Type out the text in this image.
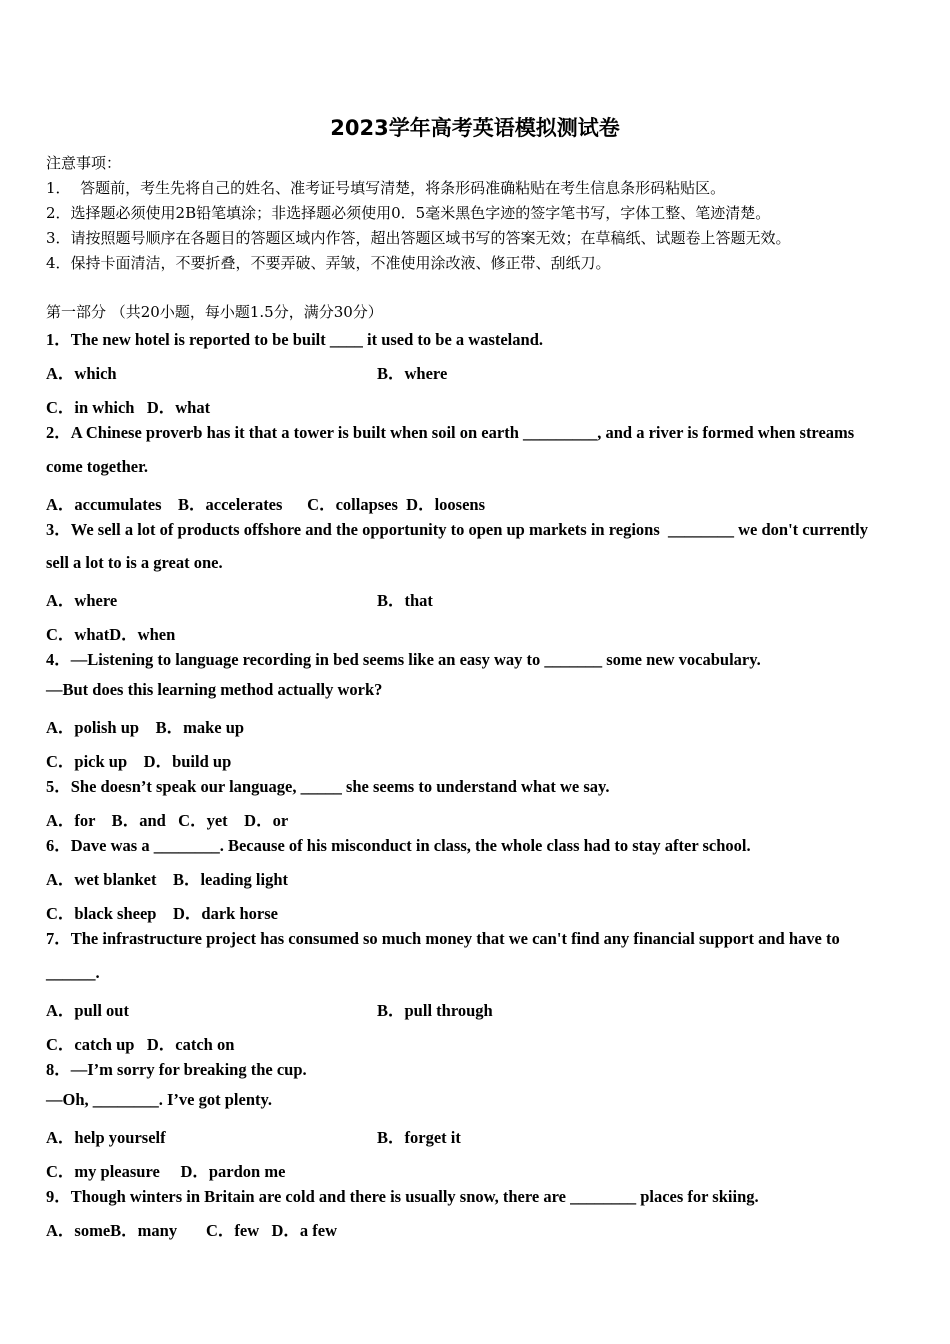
2023学年高考英语模拟测试卷
注意事项：
1．  答题前，考生先将自己的姓名、准考证号填写清楚，将条形码准确粘贴在考生信息条形码粘贴区。
2．选择题必须使用2B铅笔填涂；非选择题必须使用0．5毫米黑色字迹的签字笔书写，字体工整、笔迹清楚。
3．请按照题号顺序在各题目的答题区域内作答，超出答题区域书写的答案无效；在草稿纸、试题卷上答题无效。
4．保持卡面清洁，不要折叠，不要弄破、弄皱，不准使用涂改液、修正带、刮纸刀。
第一部分 （共20小题，每小题1.5分，满分30分）
1．The new hotel is reported to be built ____ it used to be a wasteland.
A．which	B．where
C．in which   D．what
2．A Chinese proverb has it that a tower is built when soil on earth _________, and a river is formed when streams
come together.
A．accumulates    B．accelerates      C．collapses  D．loosens
3．We sell a lot of products offshore and the opportunity to open up markets in regions  ________ we don't currently
sell a lot to is a great one.
A．where	B．that
C．whatD．when
4．—Listening to language recording in bed seems like an easy way to _______ some new vocabulary.
—But does this learning method actually work?
A．polish up    B．make up
C．pick up    D．build up
5．She doesn’t speak our language, _____ she seems to understand what we say.
A．for    B．and   C．yet    D．or
6．Dave was a ________. Because of his misconduct in class, the whole class had to stay after school.
A．wet blanket    B．leading light
C．black sheep    D．dark horse
7．The infrastructure project has consumed so much money that we can't find any financial support and have to
______.
A．pull out	B．pull through
C．catch up   D．catch on
8．—I’m sorry for breaking the cup.
—Oh, ________. I’ve got plenty.
A．help yourself	B．forget it
C．my pleasure     D．pardon me
9．Though winters in Britain are cold and there is usually snow, there are ________ places for skiing.
A．someB．many       C．few   D．a few
